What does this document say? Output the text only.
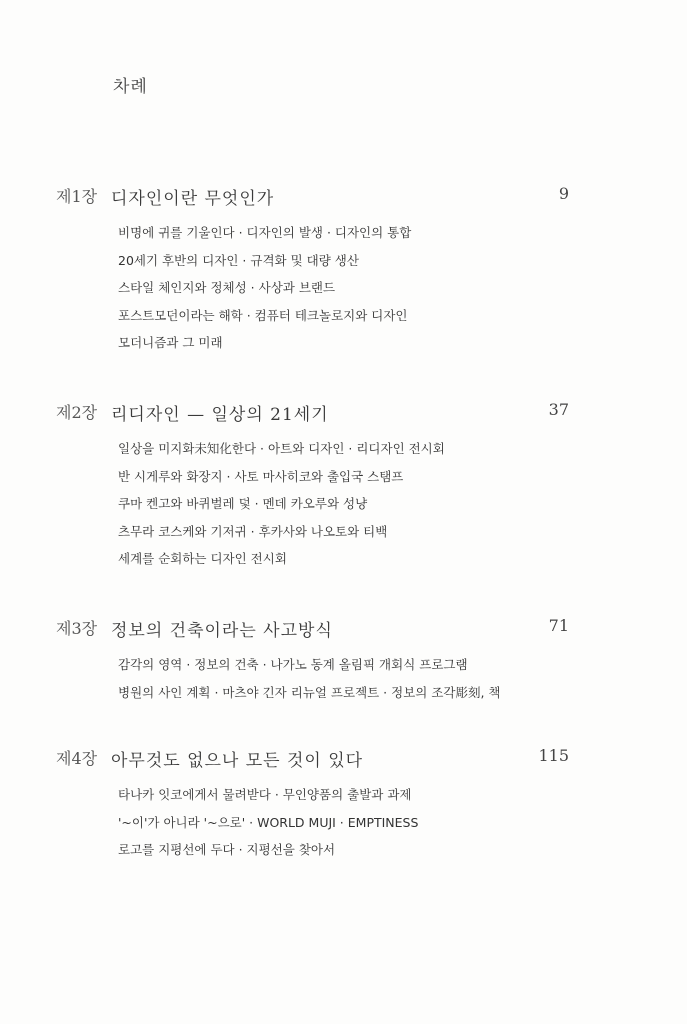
차례
제1장 디자인이란 무엇인가	9
비명에 귀를 기울인다 · 디자인의 발생 · 디자인의 통합
20세기 후반의 디자인 · 규격화 및 대량 생산
스타일 체인지와 정체성 · 사상과 브랜드
포스트모던이라는 해학 · 컴퓨터 테크놀로지와 디자인
모더니즘과 그 미래
제2장 리디자인 — 일상의 21세기	37
일상을 미지화未知化한다 · 아트와 디자인 · 리디자인 전시회
반 시게루와 화장지 · 사토 마사히코와 출입국 스탬프
쿠마 켄고와 바퀴벌레 덫 · 멘데 카오루와 성냥
츠무라 코스케와 기저귀 · 후카사와 나오토와 티백
세계를 순회하는 디자인 전시회
제3장 정보의 건축이라는 사고방식	71
감각의 영역 · 정보의 건축 · 나가노 동계 올림픽 개회식 프로그램
병원의 사인 계획 · 마츠야 긴자 리뉴얼 프로젝트 · 정보의 조각彫刻, 책
제4장 아무것도 없으나 모든 것이 있다	115
타나카 잇코에게서 물려받다 · 무인양품의 출발과 과제
'~이'가 아니라 '~으로' · WORLD MUJI · EMPTINESS
로고를 지평선에 두다 · 지평선을 찾아서
